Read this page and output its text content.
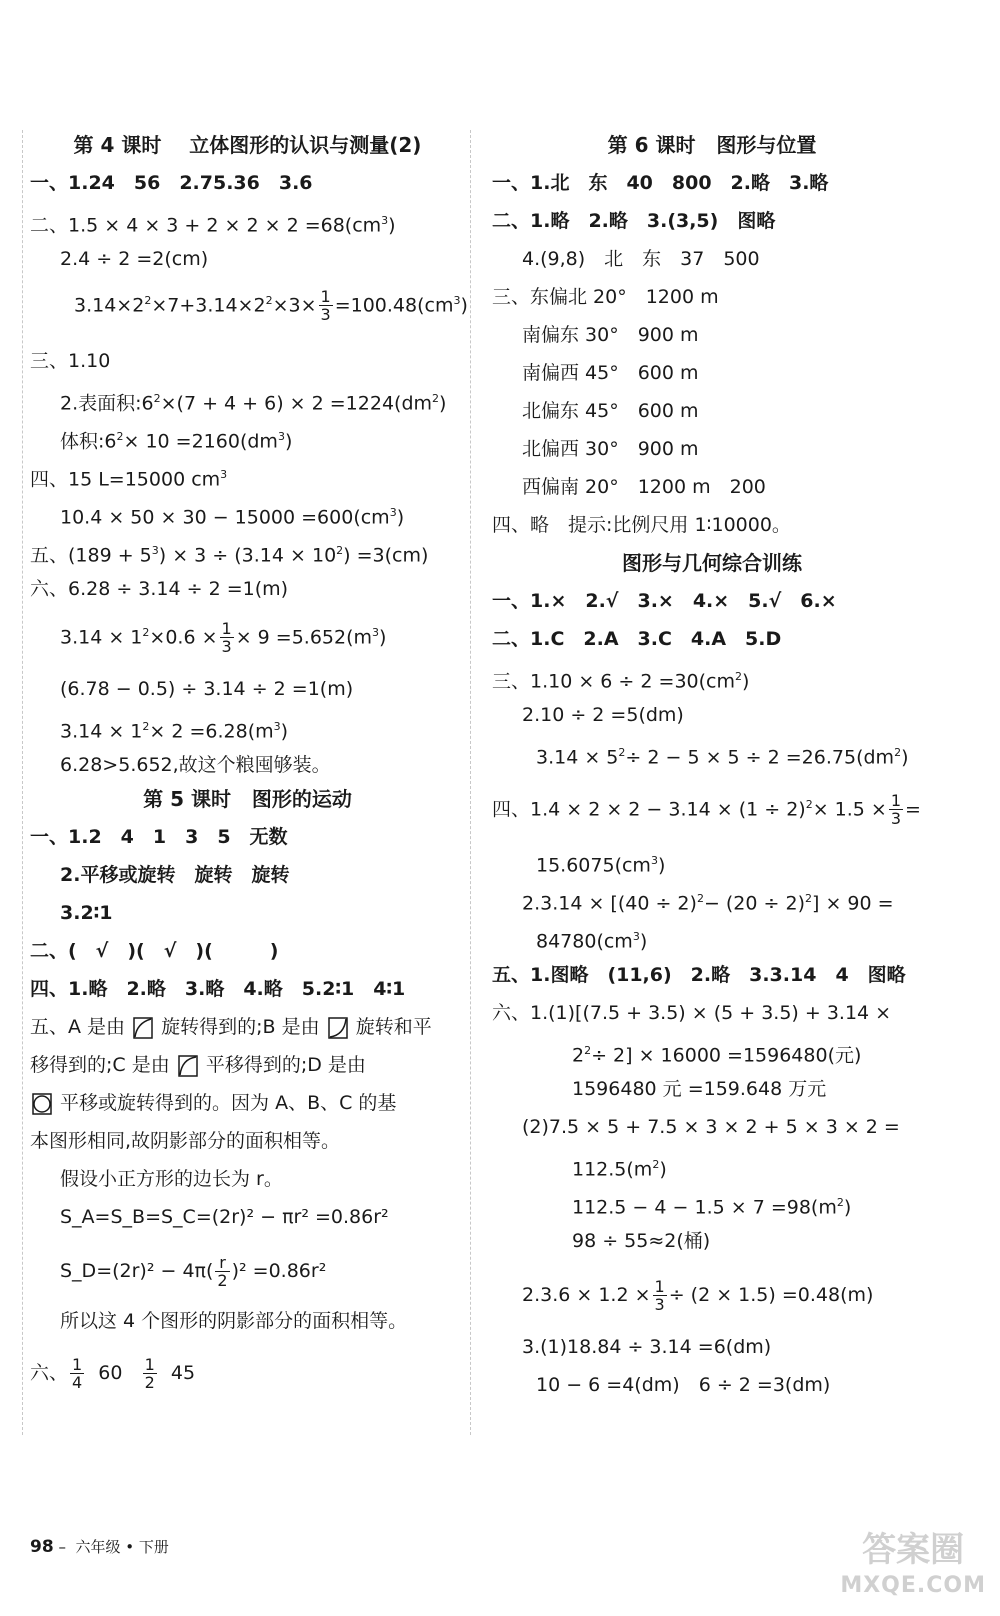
第 4 课时 立体图形的认识与测量(2)
一、1.24　56　2.75.36　3.6
二、$1.5 \times 4 \times 3 + 2 \times 2 \times 2 =68(cm^3)$
2.4 ÷ 2 =2(cm)
$3.14\times 2^2\times 7+3.14\times 2^2\times 3\times \frac{1}{3} =100.48(cm^3)$
三、1.10
2.表面积$:6^2\times(7 + 4 + 6) \times 2 =1224(dm^2)$
体积$:6^2\times 10 =2160(dm^3)$
四、15 L=15000 $cm^3$
$10.4 \times 50 \times 30 - 15000 =600(cm^3)$
五、$(189 + 5^3) \times 3 \div (3.14 \times 10^2) =3(cm)$
六、6.28 ÷ 3.14 ÷ 2 =1(m)
$3.14 \times 1^2\times 0.6 \times \frac{1}{3} \times 9 =5.652(m^3)$
(6.78 − 0.5) ÷ 3.14 ÷ 2 =1(m)
$3.14 \times 1^2\times 2 =6.28(m^3)$
6.28>5.652,故这个粮囤够装。
第 5 课时 图形的运动
一、1.2　4　1　3　5　无数
2.平移或旋转　旋转　旋转
3.2∶1
二、(　√　)(　√　)(　　　)
四、1.略　2.略　3.略　4.略　5.2∶1　4∶1
五、A 是由 旋转得到的;B 是由 旋转和平
移得到的;C 是由 平移得到的;D 是由
平移或旋转得到的。因为 A、B、C 的基
本图形相同,故阴影部分的面积相等。
假设小正方形的边长为 r。
S_A=S_B=S_C=(2r)² − πr² =0.86r²
S_D=(2r)² − $4\pi( \frac{r}{2} )^2 =0.86r^2$
所以这 4 个图形的阴影部分的面积相等。
六、 $\frac{1}{4} 60 \frac{1}{2} 45$
98 – 六年级 • 下册
第 6 课时 图形与位置
一、1.北　东　40　800　2.略　3.略
二、1.略　2.略　3.(3,5)　图略
4.(9,8)　北　东　37　500
三、东偏北 20°　1200 m
南偏东 30°　900 m
南偏西 45°　600 m
北偏东 45°　600 m
北偏西 30°　900 m
西偏南 20°　1200 m　200
四、略　提示:比例尺用 1∶10000。
图形与几何综合训练
一、1.×　2.√　3.×　4.×　5.√　6.×
二、1.C　2.A　3.C　4.A　5.D
三、$1.10 \times 6 \div 2 =30(cm^2)$
2.10 ÷ 2 =5(dm)
$3.14 \times 5^2\div 2 - 5 \times 5 \div 2 =26.75(dm^2)$
四、$1.4 \times 2 \times 2 - 3.14 \times (1 \div 2)^2\times 1.5 \times \frac{1}{3}$ =
$15.6075(cm^3)$
$2.3.14 \times [(40 \div 2)^2- (20 \div 2)^2] \times 90$ =
$84780(cm^3)$
五、1.图略　(11,6)　2.略　3.3.14　4　图略
六、1.(1)[(7.5 + 3.5) × (5 + 3.5) + 3.14 ×
$2^2\div 2] \times 16000 =1596480$(元)
1596480 元 =159.648 万元
(2)7.5 × 5 + 7.5 × 3 × 2 + 5 × 3 × 2 =
$112.5(m^2)$
$112.5 - 4 - 1.5 \times 7 =98(m^2)$
98 ÷ 55≈2(桶)
$2.3.6 \times 1.2 \times \frac{1}{3} \div (2 \times 1.5) =0.48(m)$
3.(1)18.84 ÷ 3.14 =6(dm)
10 − 6 =4(dm)　6 ÷ 2 =3(dm)
答案圈
MXQE.COM
